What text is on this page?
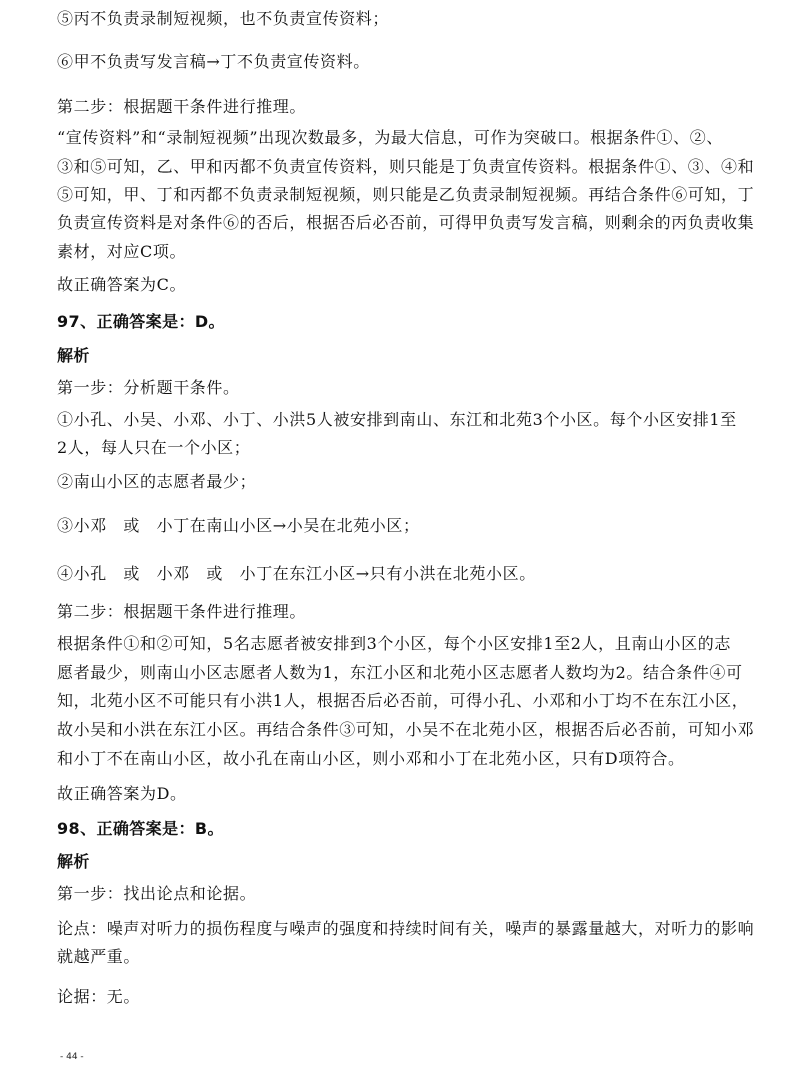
⑤丙不负责录制短视频，也不负责宣传资料；
⑥甲不负责写发言稿→丁不负责宣传资料。
第二步：根据题干条件进行推理。
“宣传资料”和“录制短视频”出现次数最多，为最大信息，可作为突破口。根据条件①、②、
③和⑤可知，乙、甲和丙都不负责宣传资料，则只能是丁负责宣传资料。根据条件①、③、④和
⑤可知，甲、丁和丙都不负责录制短视频，则只能是乙负责录制短视频。再结合条件⑥可知，丁
负责宣传资料是对条件⑥的否后，根据否后必否前，可得甲负责写发言稿，则剩余的丙负责收集
素材，对应C项。
故正确答案为C。
97、正确答案是：D。
解析
第一步：分析题干条件。
①小孔、小吴、小邓、小丁、小洪5人被安排到南山、东江和北苑3个小区。每个小区安排1至
2人，每人只在一个小区；
②南山小区的志愿者最少；
③小邓　或　小丁在南山小区→小吴在北苑小区；
④小孔　或　小邓　或　小丁在东江小区→只有小洪在北苑小区。
第二步：根据题干条件进行推理。
根据条件①和②可知，5名志愿者被安排到3个小区，每个小区安排1至2人，且南山小区的志
愿者最少，则南山小区志愿者人数为1，东江小区和北苑小区志愿者人数均为2。结合条件④可
知，北苑小区不可能只有小洪1人，根据否后必否前，可得小孔、小邓和小丁均不在东江小区，
故小吴和小洪在东江小区。再结合条件③可知，小吴不在北苑小区，根据否后必否前，可知小邓
和小丁不在南山小区，故小孔在南山小区，则小邓和小丁在北苑小区，只有D项符合。
故正确答案为D。
98、正确答案是：B。
解析
第一步：找出论点和论据。
论点：噪声对听力的损伤程度与噪声的强度和持续时间有关，噪声的暴露量越大，对听力的影响
就越严重。
论据：无。
- 44 -
